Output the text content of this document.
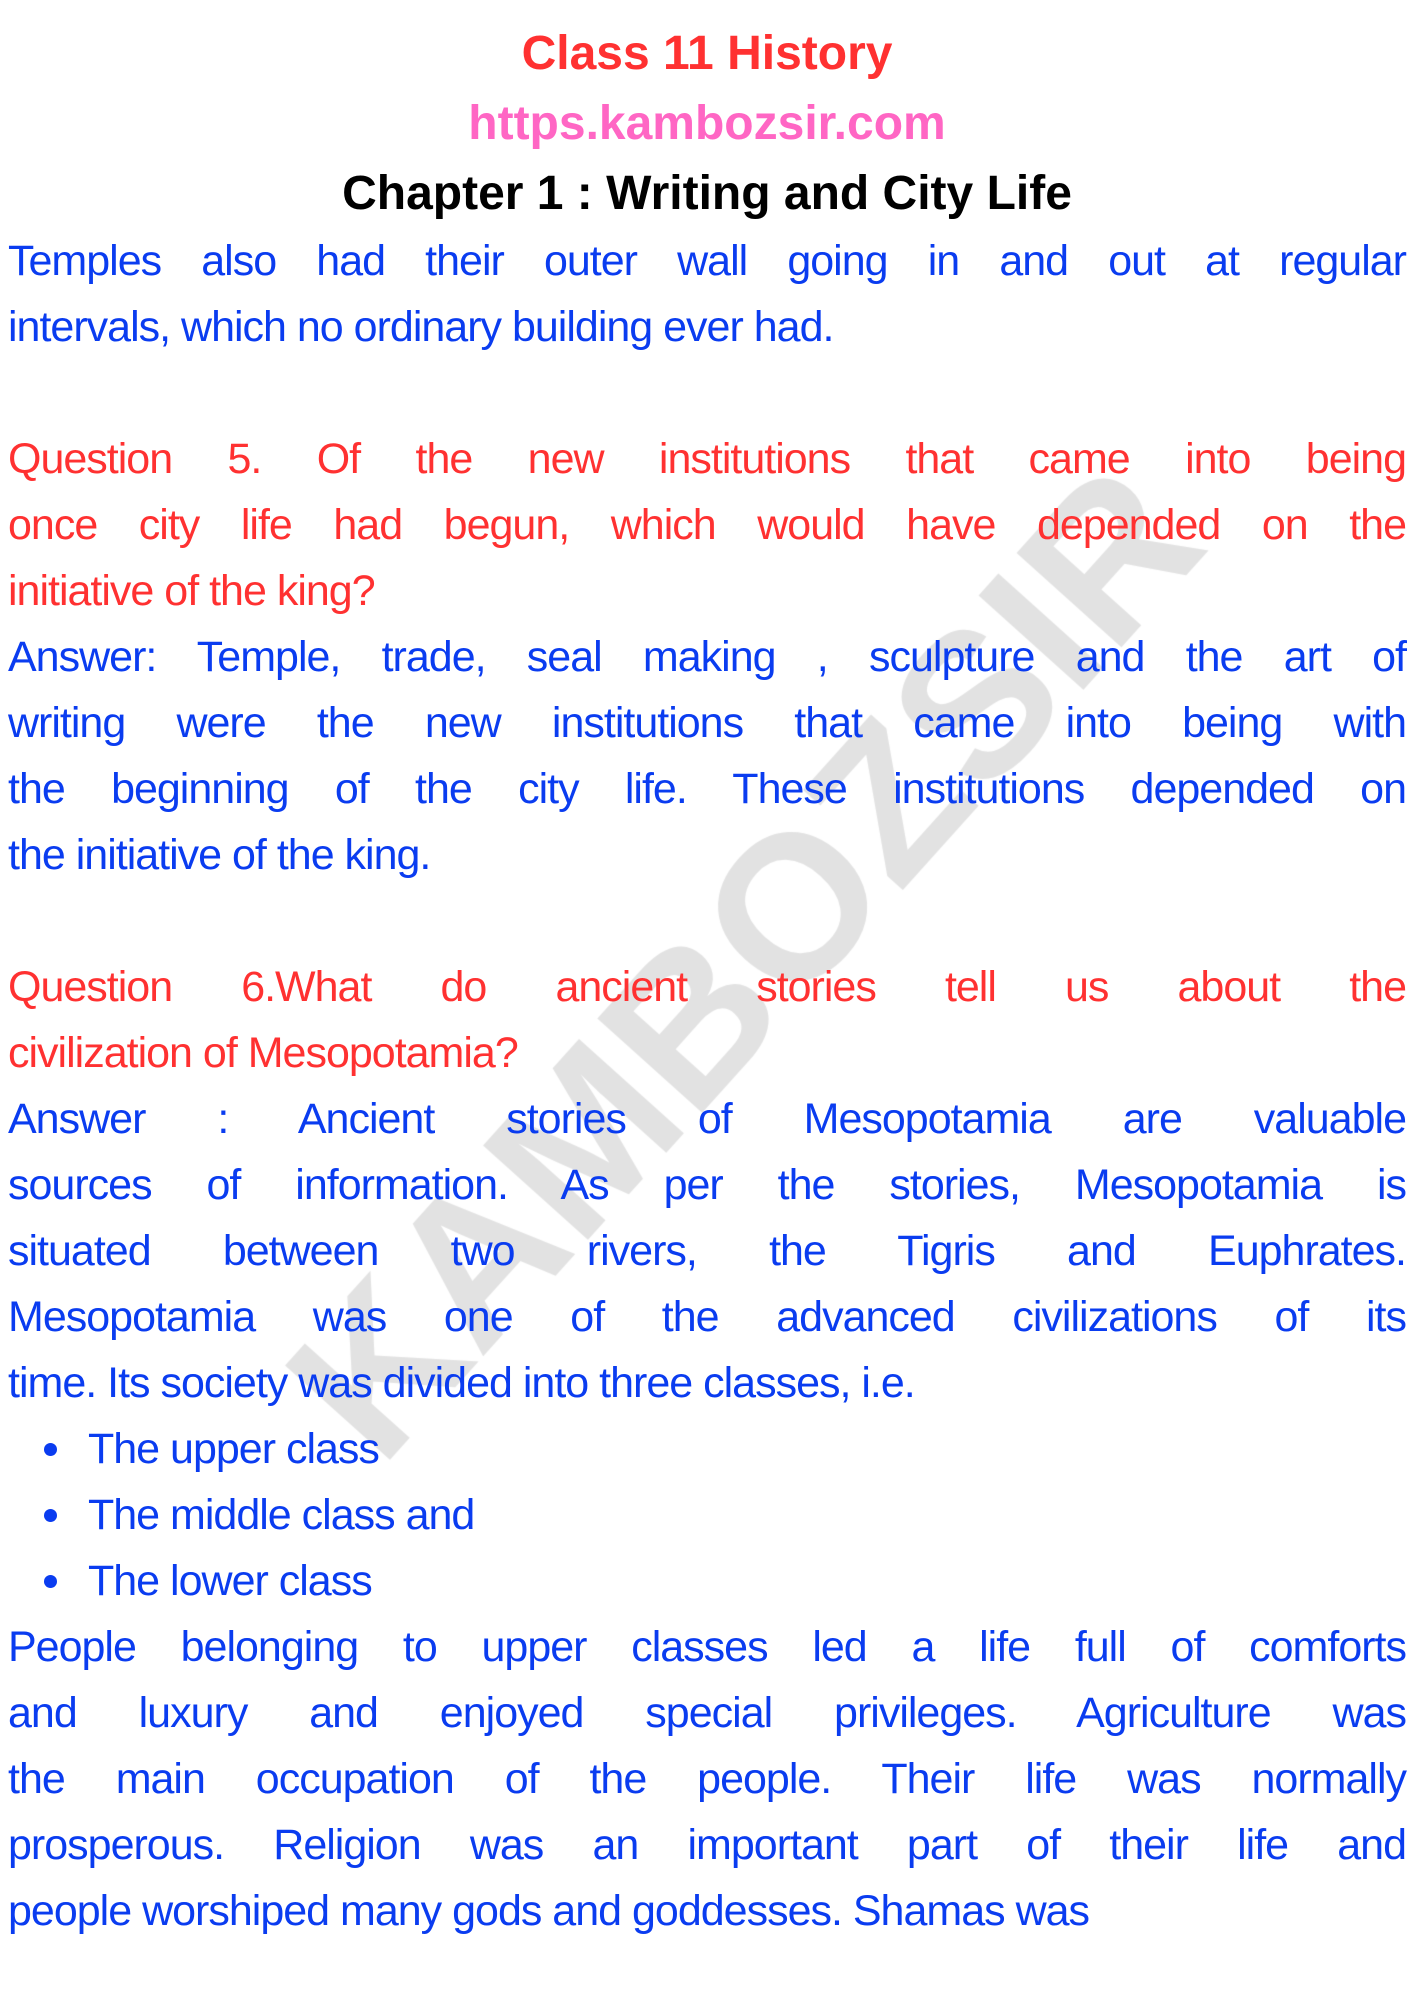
Class 11 History
https.kambozsir.com
Chapter 1 : Writing and City Life
Temples also had their outer wall going in and out at regular
intervals, which no ordinary building ever had.
Question 5. Of the new institutions that came into being
once city life had begun, which would have depended on the
initiative of the king?
Answer: Temple, trade, seal making , sculpture and the art of
writing were the new institutions that came into being with
the beginning of the city life. These institutions depended on
the initiative of the king.
Question 6.What do ancient stories tell us about the
civilization of Mesopotamia?
Answer : Ancient stories of Mesopotamia are valuable
sources of information. As per the stories, Mesopotamia is
situated between two rivers, the Tigris and Euphrates.
Mesopotamia was one of the advanced civilizations of its
time. Its society was divided into three classes, i.e.
The upper class
The middle class and
The lower class
People belonging to upper classes led a life full of comforts
and luxury and enjoyed special privileges. Agriculture was
the main occupation of the people. Their life was normally
prosperous. Religion was an important part of their life and
people worshiped many gods and goddesses. Shamas was
